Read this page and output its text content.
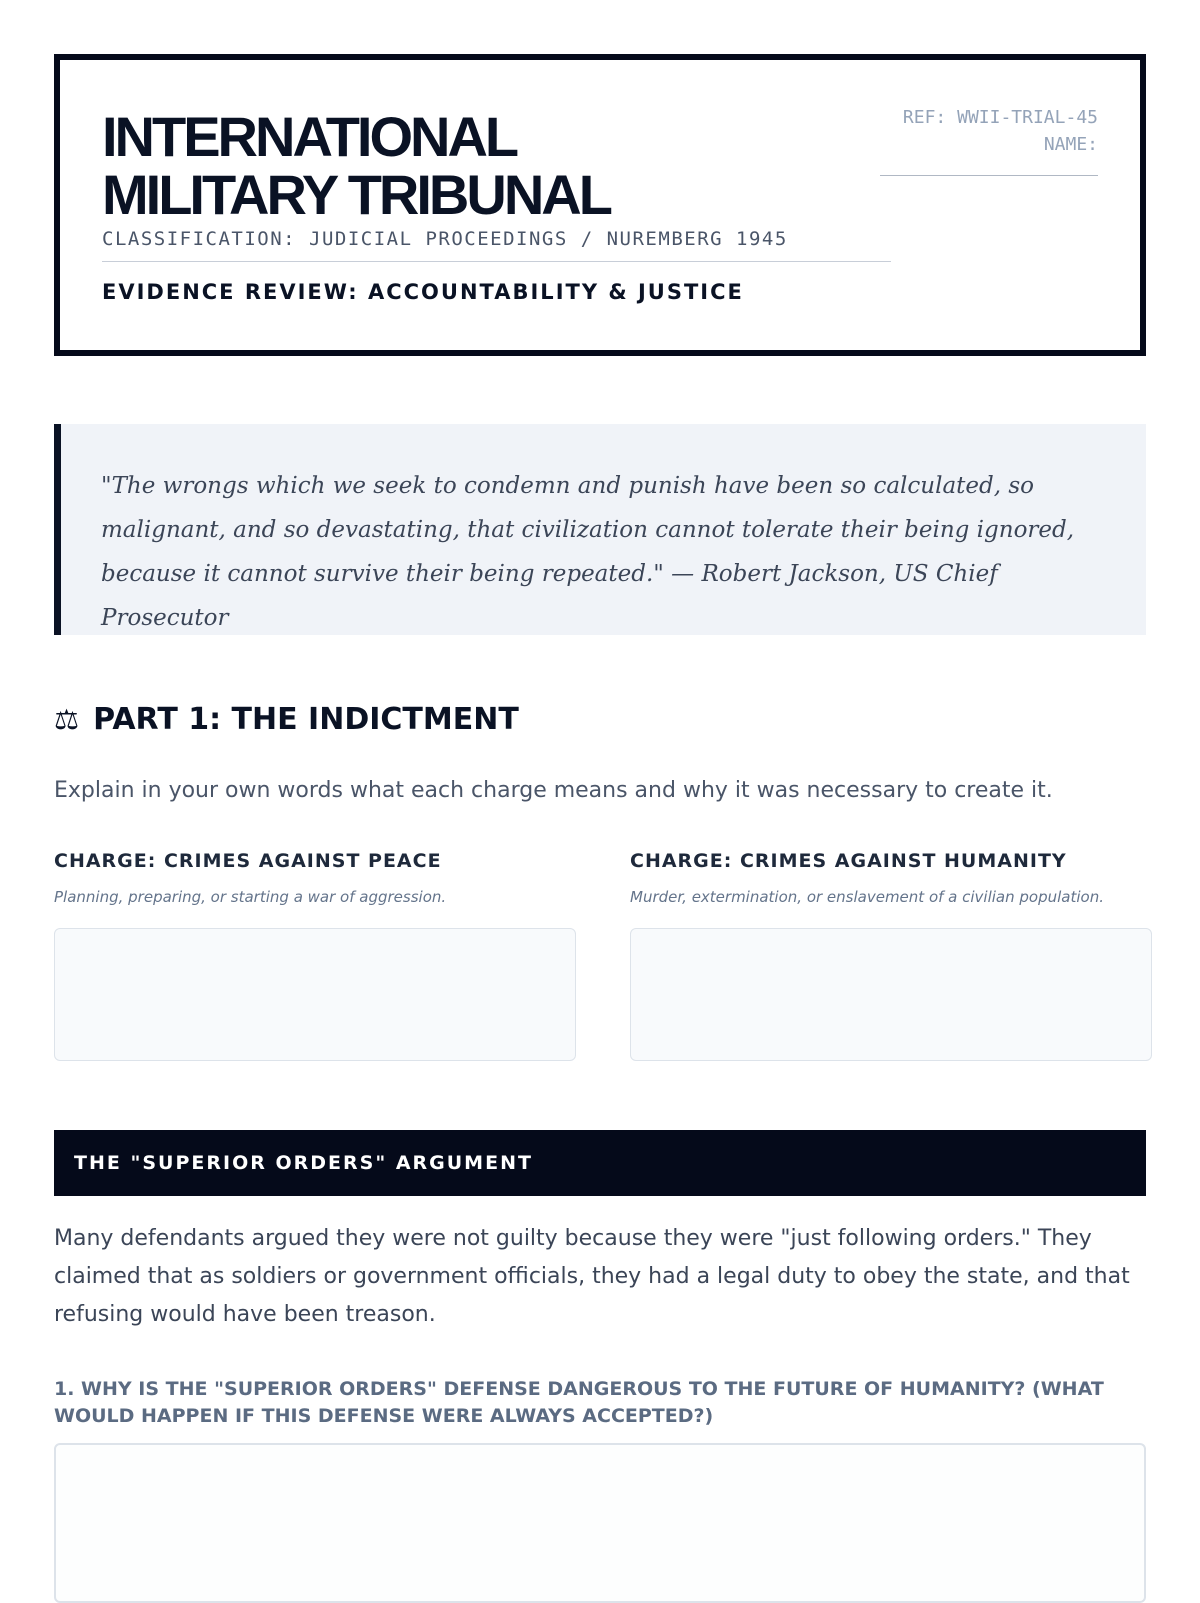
INTERNATIONAL
MILITARY TRIBUNAL
CLASSIFICATION: JUDICIAL PROCEEDINGS / NUREMBERG 1945
EVIDENCE REVIEW: ACCOUNTABILITY & JUSTICE
REF: WWII-TRIAL-45
NAME:
"The wrongs which we seek to condemn and punish have been so calculated, so malignant, and so devastating, that civilization cannot tolerate their being ignored, because it cannot survive their being repeated." — Robert Jackson, US Chief Prosecutor
⚖ PART 1: THE INDICTMENT
Explain in your own words what each charge means and why it was necessary to create it.
CHARGE: CRIMES AGAINST PEACE
Planning, preparing, or starting a war of aggression.
CHARGE: CRIMES AGAINST HUMANITY
Murder, extermination, or enslavement of a civilian population.
THE "SUPERIOR ORDERS" ARGUMENT

Many defendants argued they were not guilty because they were "just following orders." They claimed that as soldiers or government officials, they had a legal duty to obey the state, and that refusing would have been treason.

1. WHY IS THE "SUPERIOR ORDERS" DEFENSE DANGEROUS TO THE FUTURE OF HUMANITY? (WHAT WOULD HAPPEN IF THIS DEFENSE WERE ALWAYS ACCEPTED?)
